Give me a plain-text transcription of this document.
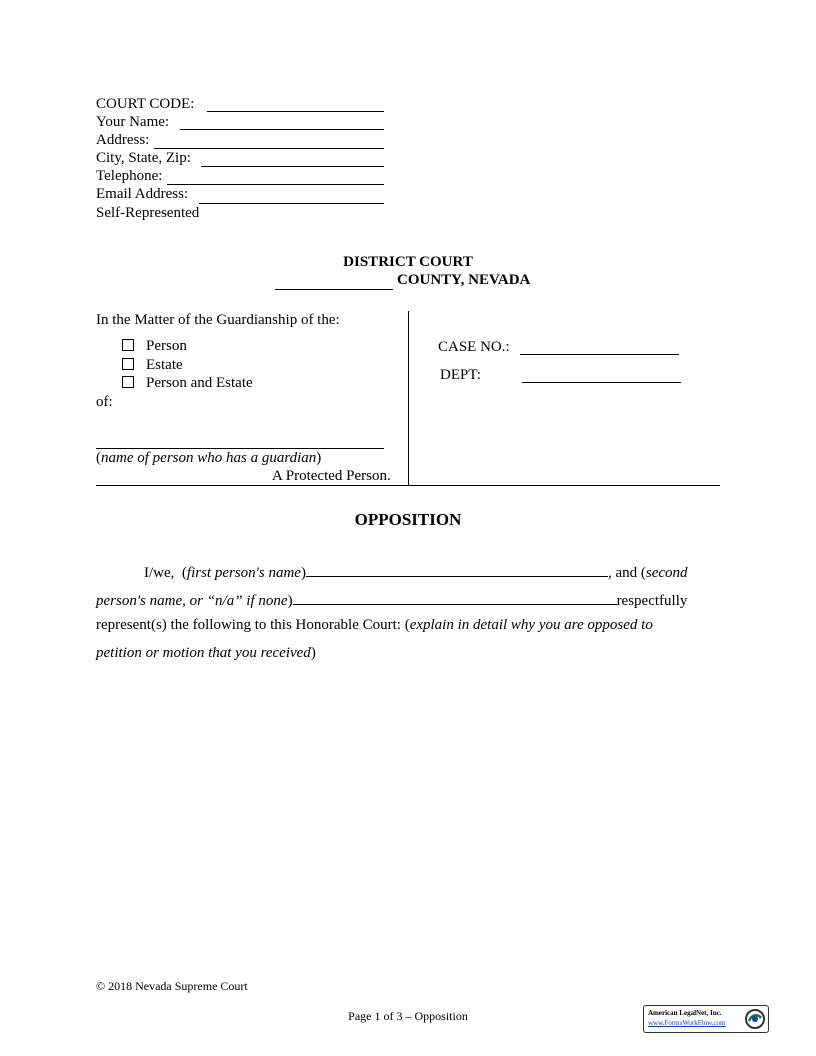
COURT CODE:
Your Name:
Address:
City, State, Zip:
Telephone:
Email Address:
Self-Represented
DISTRICT COURT
COUNTY, NEVADA
In the Matter of the Guardianship of the:
Person
Estate
Person and Estate
of:
(name of person who has a guardian)
A Protected Person.
CASE NO.:
DEPT:
OPPOSITION
I/we,  (first person's name)	, and (second
person's name, or “n/a” if none)	respectfully
represent(s) the following to this Honorable Court: (explain in detail why you are opposed to
petition or motion that you received)
© 2018 Nevada Supreme Court
Page 1 of 3 – Opposition	American LegalNet, Inc.
www.FormsWorkFlow.com
